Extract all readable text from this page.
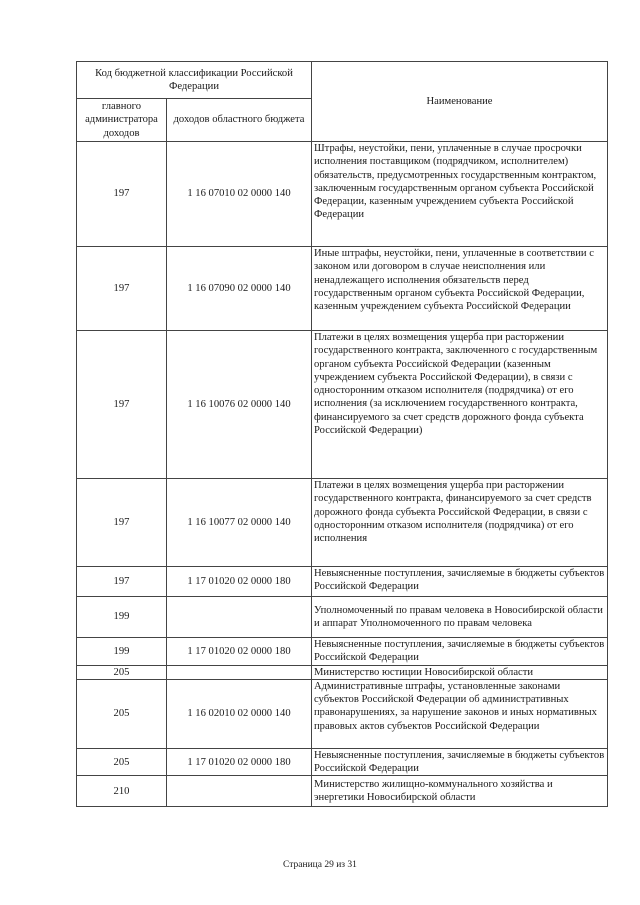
Код бюджетной классификации Российской Федерации		Наименование
главного администратора доходов	доходов областного бюджета	
197	1 16 07010 02 0000 140	Штрафы, неустойки, пени, уплаченные в случае просрочки исполнения поставщиком (подрядчиком, исполнителем) обязательств, предусмотренных государственным контрактом, заключенным государственным органом субъекта Российской Федерации, казенным учреждением субъекта Российской Федерации
197	1 16 07090 02 0000 140	Иные штрафы, неустойки, пени, уплаченные в соответствии с законом или договором в случае неисполнения или ненадлежащего исполнения обязательств перед государственным органом субъекта Российской Федерации, казенным учреждением субъекта Российской Федерации
197	1 16 10076 02 0000 140	Платежи в целях возмещения ущерба при расторжении государственного контракта, заключенного с государственным органом субъекта Российской Федерации (казенным учреждением субъекта Российской Федерации), в связи с односторонним отказом исполнителя (подрядчика) от его исполнения (за исключением государственного контракта, финансируемого за счет средств дорожного фонда субъекта Российской Федерации)
197	1 16 10077 02 0000 140	Платежи в целях возмещения ущерба при расторжении государственного контракта, финансируемого за счет средств дорожного фонда субъекта Российской Федерации, в связи с односторонним отказом исполнителя (подрядчика) от его исполнения
197	1 17 01020 02 0000 180	Невыясненные поступления, зачисляемые в бюджеты субъектов Российской Федерации
199		Уполномоченный по правам человека в Новосибирской области и аппарат Уполномоченного по правам человека
199	1 17 01020 02 0000 180	Невыясненные поступления, зачисляемые в бюджеты субъектов Российской Федерации
205		Министерство юстиции Новосибирской области
205	1 16 02010 02 0000 140	Административные штрафы, установленные законами субъектов Российской Федерации об административных правонарушениях, за нарушение законов и иных нормативных правовых актов субъектов Российской Федерации
205	1 17 01020 02 0000 180	Невыясненные поступления, зачисляемые в бюджеты субъектов Российской Федерации
210		Министерство жилищно-коммунального хозяйства и энергетики Новосибирской области
Страница 29 из 31
